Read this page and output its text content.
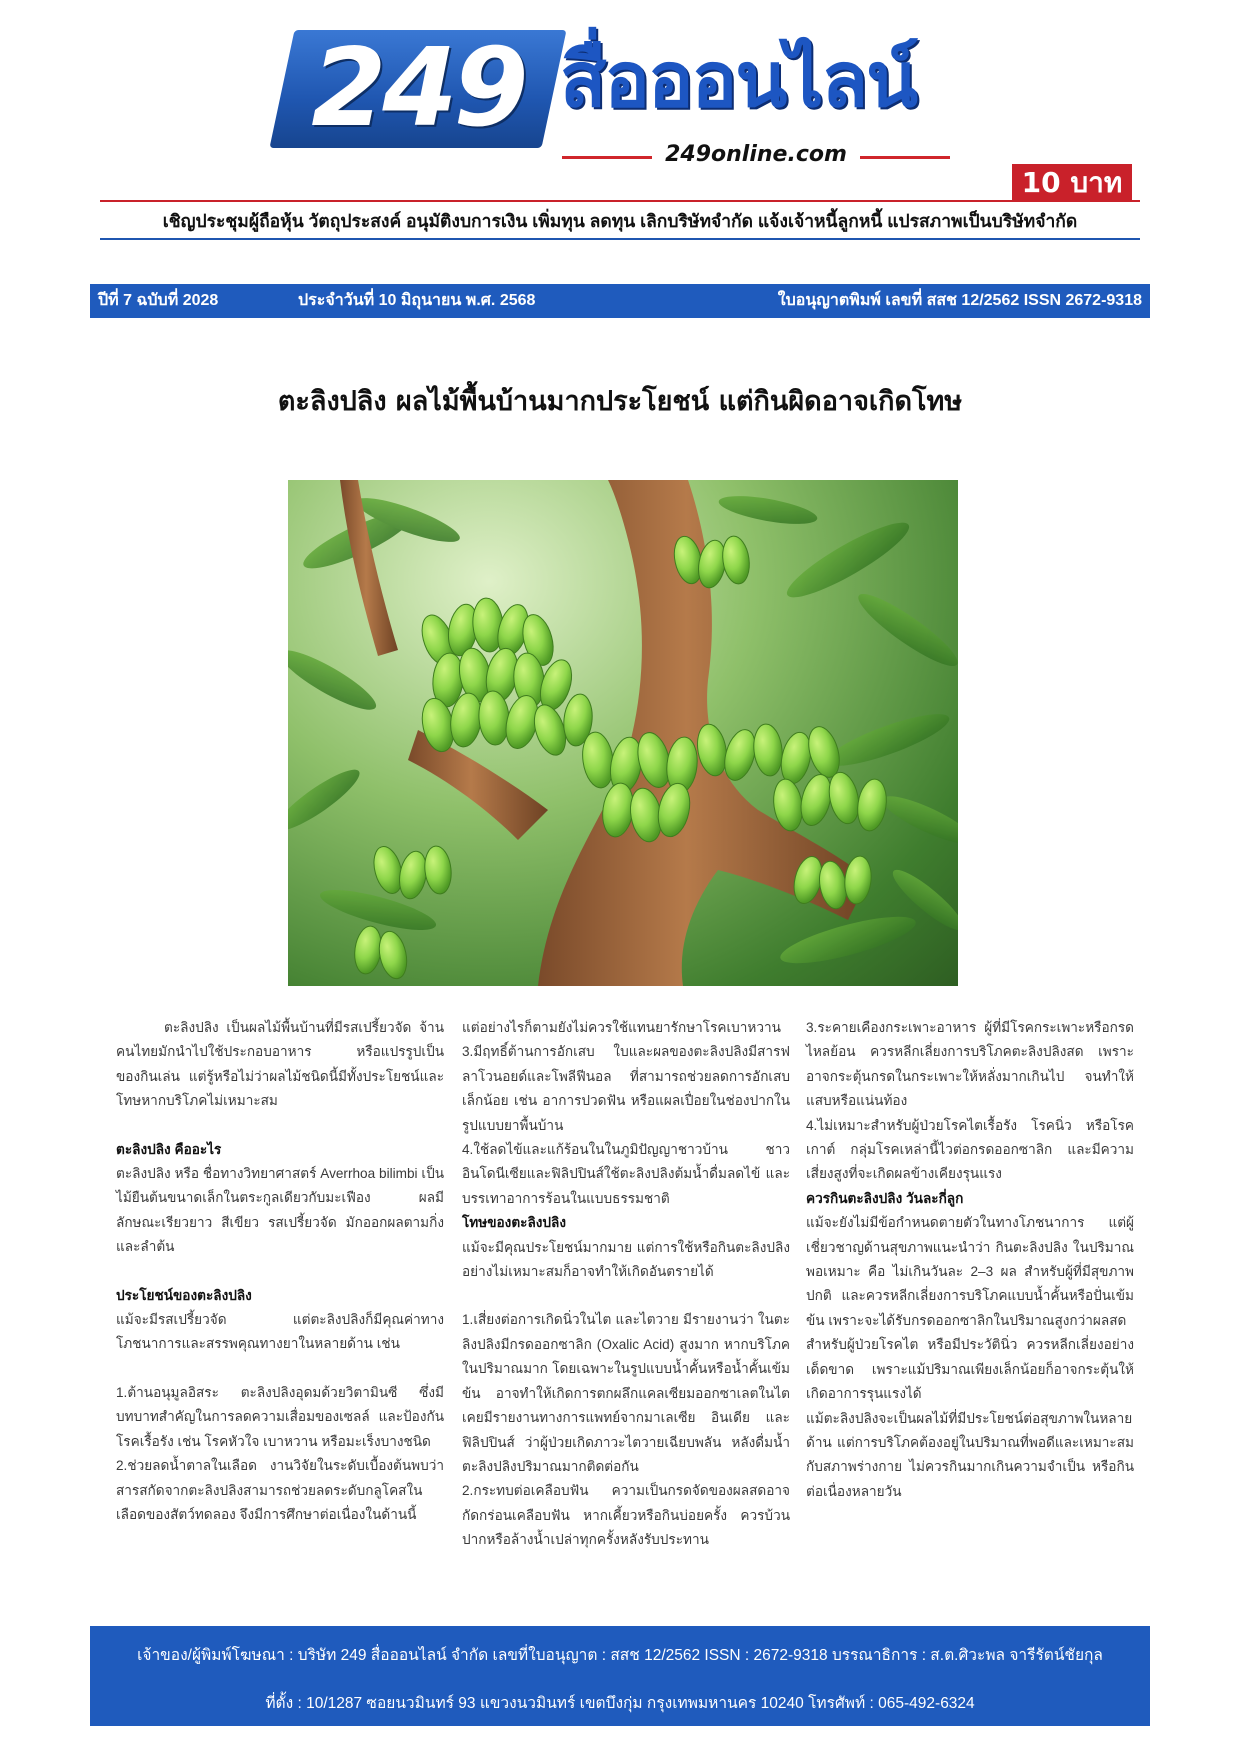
249 สื่อออนไลน์
249online.com
10 บาท
เชิญประชุมผู้ถือหุ้น วัตถุประสงค์ อนุมัติงบการเงิน เพิ่มทุน ลดทุน เลิกบริษัทจำกัด แจ้งเจ้าหนี้ลูกหนี้ แปรสภาพเป็นบริษัทจำกัด
ปีที่ 7 ฉบับที่ 2028	ประจำวันที่ 10 มิถุนายน พ.ศ. 2568	ใบอนุญาตพิมพ์ เลขที่ สสช 12/2562 ISSN 2672-9318
ตะลิงปลิง ผลไม้พื้นบ้านมากประโยชน์ แต่กินผิดอาจเกิดโทษ

ตะลิงปลิง เป็นผลไม้พื้นบ้านที่มีรสเปรี้ยวจัด จ้าน คนไทยมักนำไปใช้ประกอบอาหาร หรือแปรรูปเป็นของกินเล่น แต่รู้หรือไม่ว่าผลไม้ชนิดนี้มีทั้งประโยชน์และโทษหากบริโภคไม่เหมาะสม

ตะลิงปลิง คืออะไร

ตะลิงปลิง หรือ ชื่อทางวิทยาศาสตร์ Averrhoa bilimbi เป็นไม้ยืนต้นขนาดเล็กในตระกูลเดียวกับมะเฟือง ผลมีลักษณะเรียวยาว สีเขียว รสเปรี้ยวจัด มักออกผลตามกิ่งและลำต้น

ประโยชน์ของตะลิงปลิง

แม้จะมีรสเปรี้ยวจัด แต่ตะลิงปลิงก็มีคุณค่าทางโภชนาการและสรรพคุณทางยาในหลายด้าน เช่น

1.ต้านอนุมูลอิสระ ตะลิงปลิงอุดมด้วยวิตามินซี ซึ่งมีบทบาทสำคัญในการลดความเสื่อมของเซลล์ และป้องกันโรคเรื้อรัง เช่น โรคหัวใจ เบาหวาน หรือมะเร็งบางชนิด

2.ช่วยลดน้ำตาลในเลือด งานวิจัยในระดับเบื้องต้นพบว่า สารสกัดจากตะลิงปลิงสามารถช่วยลดระดับกลูโคสในเลือดของสัตว์ทดลอง จึงมีการศึกษาต่อเนื่องในด้านนี้

แต่อย่างไรก็ตามยังไม่ควรใช้แทนยารักษาโรคเบาหวาน

3.มีฤทธิ์ต้านการอักเสบ ใบและผลของตะลิงปลิงมีสารฟลาโวนอยด์และโพลีฟีนอล ที่สามารถช่วยลดการอักเสบเล็กน้อย เช่น อาการปวดฟัน หรือแผลเปื่อยในช่องปากในรูปแบบยาพื้นบ้าน

4.ใช้ลดไข้และแก้ร้อนในในภูมิปัญญาชาวบ้าน ชาวอินโดนีเซียและฟิลิปปินส์ใช้ตะลิงปลิงต้มน้ำดื่มลดไข้ และบรรเทาอาการร้อนในแบบธรรมชาติ

โทษของตะลิงปลิง

แม้จะมีคุณประโยชน์มากมาย แต่การใช้หรือกินตะลิงปลิงอย่างไม่เหมาะสมก็อาจทำให้เกิดอันตรายได้

1.เสี่ยงต่อการเกิดนิ่วในไต และไตวาย มีรายงานว่า ในตะลิงปลิงมีกรดออกซาลิก (Oxalic Acid) สูงมาก หากบริโภคในปริมาณมาก โดยเฉพาะในรูปแบบน้ำคั้นหรือน้ำคั้นเข้มข้น อาจทำให้เกิดการตกผลึกแคลเซียมออกซาเลตในไต เคยมีรายงานทางการแพทย์จากมาเลเซีย อินเดีย และฟิลิปปินส์ ว่าผู้ป่วยเกิดภาวะไตวายเฉียบพลัน หลังดื่มน้ำตะลิงปลิงปริมาณมากติดต่อกัน

2.กระทบต่อเคลือบฟัน ความเป็นกรดจัดของผลสดอาจกัดกร่อนเคลือบฟัน หากเคี้ยวหรือกินบ่อยครั้ง ควรบ้วนปากหรือล้างน้ำเปล่าทุกครั้งหลังรับประทาน

3.ระคายเคืองกระเพาะอาหาร ผู้ที่มีโรคกระเพาะหรือกรดไหลย้อน ควรหลีกเลี่ยงการบริโภคตะลิงปลิงสด เพราะอาจกระตุ้นกรดในกระเพาะให้หลั่งมากเกินไป จนทำให้แสบหรือแน่นท้อง

4.ไม่เหมาะสำหรับผู้ป่วยโรคไตเรื้อรัง โรคนิ่ว หรือโรคเกาต์ กลุ่มโรคเหล่านี้ไวต่อกรดออกซาลิก และมีความเสี่ยงสูงที่จะเกิดผลข้างเคียงรุนแรง

ควรกินตะลิงปลิง วันละกี่ลูก

แม้จะยังไม่มีข้อกำหนดตายตัวในทางโภชนาการ แต่ผู้เชี่ยวชาญด้านสุขภาพแนะนำว่า กินตะลิงปลิง ในปริมาณพอเหมาะ คือ ไม่เกินวันละ 2–3 ผล สำหรับผู้ที่มีสุขภาพปกติ และควรหลีกเลี่ยงการบริโภคแบบน้ำคั้นหรือปั่นเข้มข้น เพราะจะได้รับกรดออกซาลิกในปริมาณสูงกว่าผลสด

สำหรับผู้ป่วยโรคไต หรือมีประวัตินิ่ว ควรหลีกเลี่ยงอย่างเด็ดขาด เพราะแม้ปริมาณเพียงเล็กน้อยก็อาจกระตุ้นให้เกิดอาการรุนแรงได้

แม้ตะลิงปลิงจะเป็นผลไม้ที่มีประโยชน์ต่อสุขภาพในหลายด้าน แต่การบริโภคต้องอยู่ในปริมาณที่พอดีและเหมาะสมกับสภาพร่างกาย ไม่ควรกินมากเกินความจำเป็น หรือกินต่อเนื่องหลายวัน

เจ้าของ/ผู้พิมพ์โฆษณา : บริษัท 249 สื่อออนไลน์ จำกัด เลขที่ใบอนุญาต : สสช 12/2562 ISSN : 2672-9318 บรรณาธิการ : ส.ต.ศิวะพล จารีรัตน์ชัยกุล
ที่ตั้ง : 10/1287 ซอยนวมินทร์ 93 แขวงนวมินทร์ เขตบึงกุ่ม กรุงเทพมหานคร 10240 โทรศัพท์ : 065-492-6324
